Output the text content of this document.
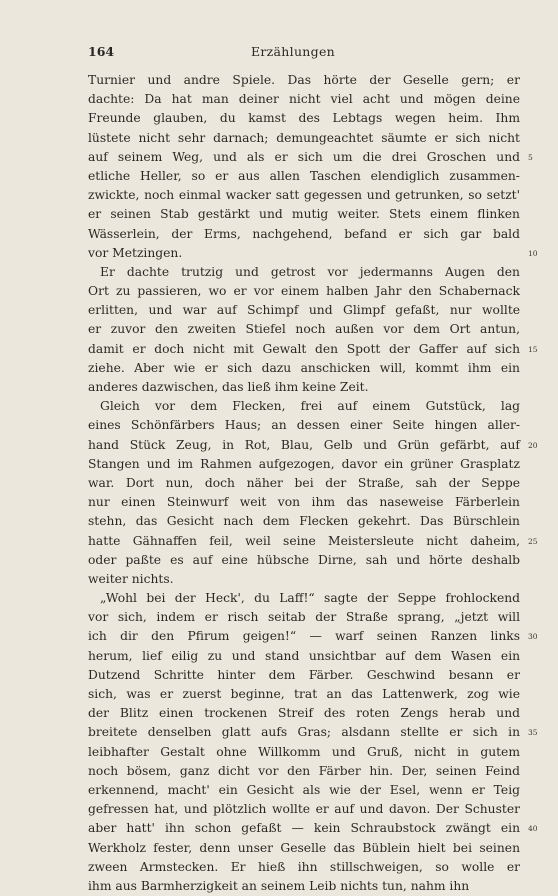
164	Erzählungen
Turnier und andre Spiele. Das hörte der Geselle gern; er
dachte: Da hat man deiner nicht viel acht und mögen deine
Freunde glauben, du kamst des Lebtags wegen heim. Ihm
lüstete nicht sehr darnach; demungeachtet säumte er sich nicht
auf seinem Weg, und als er sich um die drei Groschen und 5
etliche Heller, so er aus allen Taschen elendiglich zusammen-
zwickte, noch einmal wacker satt gegessen und getrunken, so setzt'
er seinen Stab gestärkt und mutig weiter. Stets einem flinken
Wässerlein, der Erms, nachgehend, befand er sich gar bald
vor Metzingen.	10
Er dachte trutzig und getrost vor jedermanns Augen den
Ort zu passieren, wo er vor einem halben Jahr den Schabernack
erlitten, und war auf Schimpf und Glimpf gefaßt, nur wollte
er zuvor den zweiten Stiefel noch außen vor dem Ort antun,
damit er doch nicht mit Gewalt den Spott der Gaffer auf sich 15
ziehe. Aber wie er sich dazu anschicken will, kommt ihm ein
anderes dazwischen, das ließ ihm keine Zeit.
Gleich vor dem Flecken, frei auf einem Gutstück, lag
eines Schönfärbers Haus; an dessen einer Seite hingen aller-
hand Stück Zeug, in Rot, Blau, Gelb und Grün gefärbt, auf 20
Stangen und im Rahmen aufgezogen, davor ein grüner Grasplatz
war. Dort nun, doch näher bei der Straße, sah der Seppe
nur einen Steinwurf weit von ihm das naseweise Färberlein
stehn, das Gesicht nach dem Flecken gekehrt. Das Bürschlein
hatte Gähnaffen feil, weil seine Meistersleute nicht daheim, 25
oder paßte es auf eine hübsche Dirne, sah und hörte deshalb
weiter nichts.
„Wohl bei der Heck', du Laff!“ sagte der Seppe frohlockend
vor sich, indem er risch seitab der Straße sprang, „jetzt will
ich dir den Pfirum geigen!“ — warf seinen Ranzen links 30
herum, lief eilig zu und stand unsichtbar auf dem Wasen ein
Dutzend Schritte hinter dem Färber. Geschwind besann er
sich, was er zuerst beginne, trat an das Lattenwerk, zog wie
der Blitz einen trockenen Streif des roten Zengs herab und
breitete denselben glatt aufs Gras; alsdann stellte er sich in 35
leibhafter Gestalt ohne Willkomm und Gruß, nicht in gutem
noch bösem, ganz dicht vor den Färber hin. Der, seinen Feind
erkennend, macht' ein Gesicht als wie der Esel, wenn er Teig
gefressen hat, und plötzlich wollte er auf und davon. Der Schuster
aber hatt' ihn schon gefaßt — kein Schraubstock zwängt ein 40
Werkholz fester, denn unser Geselle das Büblein hielt bei seinen
zween Armstecken. Er hieß ihn stillschweigen, so wolle er
ihm aus Barmherzigkeit an seinem Leib nichts tun, nahm ihn
